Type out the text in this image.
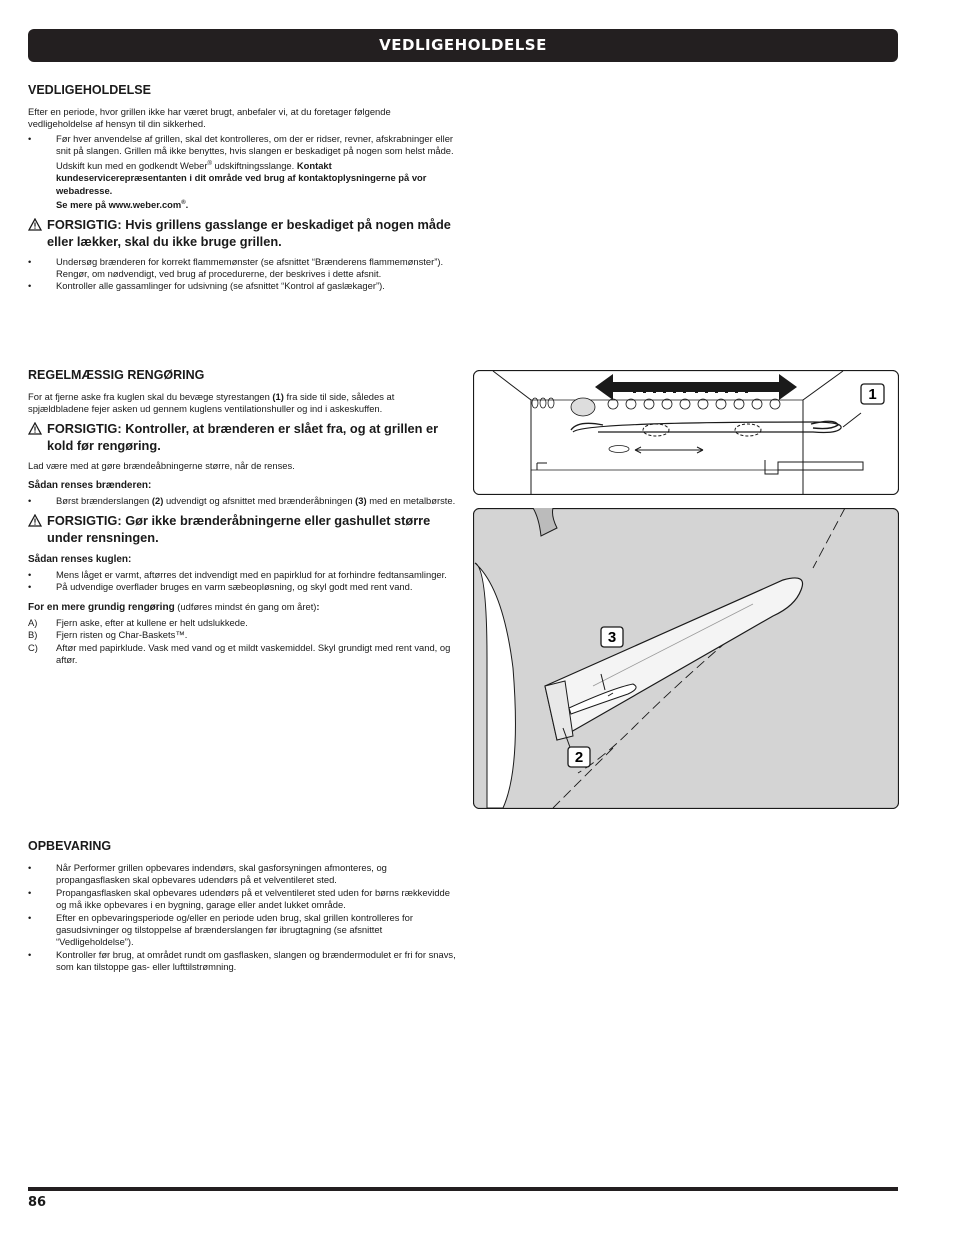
VEDLIGEHOLDELSE
VEDLIGEHOLDELSE

Efter en periode, hvor grillen ikke har været brugt, anbefaler vi, at du foretager følgende vedligeholdelse af hensyn til din sikkerhed.

• Før hver anvendelse af grillen, skal det kontrolleres, om der er ridser, revner, afskrabninger eller snit på slangen. Grillen må ikke benyttes, hvis slangen er beskadiget på nogen som helst måde. Udskift kun med en godkendt Weber® udskiftningsslange. Kontakt kundeservicerepræsentanten i dit område ved brug af kontaktoplysningerne på vor webadresse.
Se mere på www.weber.com®.
FORSIGTIG: Hvis grillens gasslange er beskadiget på nogen måde eller lækker, skal du ikke bruge grillen.
• Undersøg brænderen for korrekt flammemønster (se afsnittet “Brænderens flammemønster”). Rengør, om nødvendigt, ved brug af procedurerne, der beskrives i dette afsnit.
• Kontroller alle gassamlinger for udsivning (se afsnittet “Kontrol af gaslækager”).
REGELMÆSSIG RENGØRING

For at fjerne aske fra kuglen skal du bevæge styrestangen (1) fra side til side, således at spjældbladene fejer asken ud gennem kuglens ventilationshuller og ind i askeskuffen.

FORSIGTIG: Kontroller, at brænderen er slået fra, og at grillen er kold før rengøring.

Lad være med at gøre brændeåbningerne større, når de renses.

Sådan renses brænderen:
• Børst brænderslangen (2) udvendigt og afsnittet med brænderåbningen (3) med en metalbørste.
FORSIGTIG: Gør ikke brænderåbningerne eller gashullet større under rensningen.
Sådan renses kuglen:
• Mens låget er varmt, aftørres det indvendigt med en papirklud for at forhindre fedtansamlinger.
• På udvendige overflader bruges en varm sæbeopløsning, og skyl godt med rent vand.

For en mere grundig rengøring (udføres mindst én gang om året):

A) Fjern aske, efter at kullene er helt udslukkede.
B) Fjern risten og Char-Baskets™.
C) Aftør med papirklude. Vask med vand og et mildt vaskemiddel. Skyl grundigt med rent vand, og aftør.
OPBEVARING
• Når Performer grillen opbevares indendørs, skal gasforsyningen afmonteres, og propangasflasken skal opbevares udendørs på et velventileret sted.
• Propangasflasken skal opbevares udendørs på et velventileret sted uden for børns rækkevidde og må ikke opbevares i en bygning, garage eller andet lukket område.
• Efter en opbevaringsperiode og/eller en periode uden brug, skal grillen kontrolleres for gasudsivninger og tilstoppelse af brænderslangen før ibrugtagning (se afsnittet “Vedligeholdelse”).
• Kontroller før brug, at området rundt om gasflasken, slangen og brændermodulet er fri for snavs, som kan tilstoppe gas- eller lufttilstrømning.
1
3
2
86
